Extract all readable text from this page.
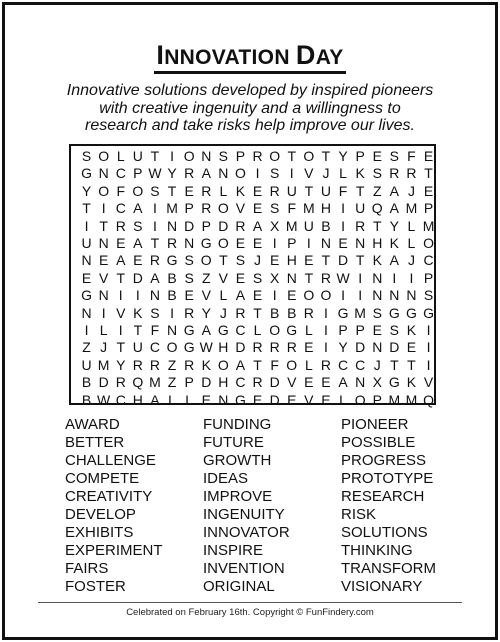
INNOVATION DAY
Innovative solutions developed by inspired pioneers
with creative ingenuity and a willingness to
research and take risks help improve our lives.
S O L U T I O N S P R O T O T Y P E S F E
G N C P W Y R A N O I S I V J L K S R R T
Y O F O S T E R L K E R U T U F T Z A J E
T I C A I M P R O V E S F M H I U Q A M P
I T R S I N D P D R A X M U B I R T Y L M
U N E A T R N G O E E I P I N E N H K L O
N E A E R G S O T S J E H E T D T K A J C
E V T D A B S Z V E S X N T R W I N I I P
G N I I N B E V L A E I E O O I I N N N S
N I V K S I R Y J R T B B R I G M S G G G
I L I T F N G A G C L O G L I P P E S K I
Z J T U C O G W H D R R R E I Y D N D E I
U M Y R R Z R K O A T F O L R C C J T T I
B D R Q M Z P D H C R D V E E A N X G K V
B W C H A L L E N G E D E V E L O P M M Q
AWARD
BETTER
CHALLENGE
COMPETE
CREATIVITY
DEVELOP
EXHIBITS
EXPERIMENT
FAIRS
FOSTER
FUNDING
FUTURE
GROWTH
IDEAS
IMPROVE
INGENUITY
INNOVATOR
INSPIRE
INVENTION
ORIGINAL
PIONEER
POSSIBLE
PROGRESS
PROTOTYPE
RESEARCH
RISK
SOLUTIONS
THINKING
TRANSFORM
VISIONARY
Celebrated on February 16th. Copyright © FunFindery.com
